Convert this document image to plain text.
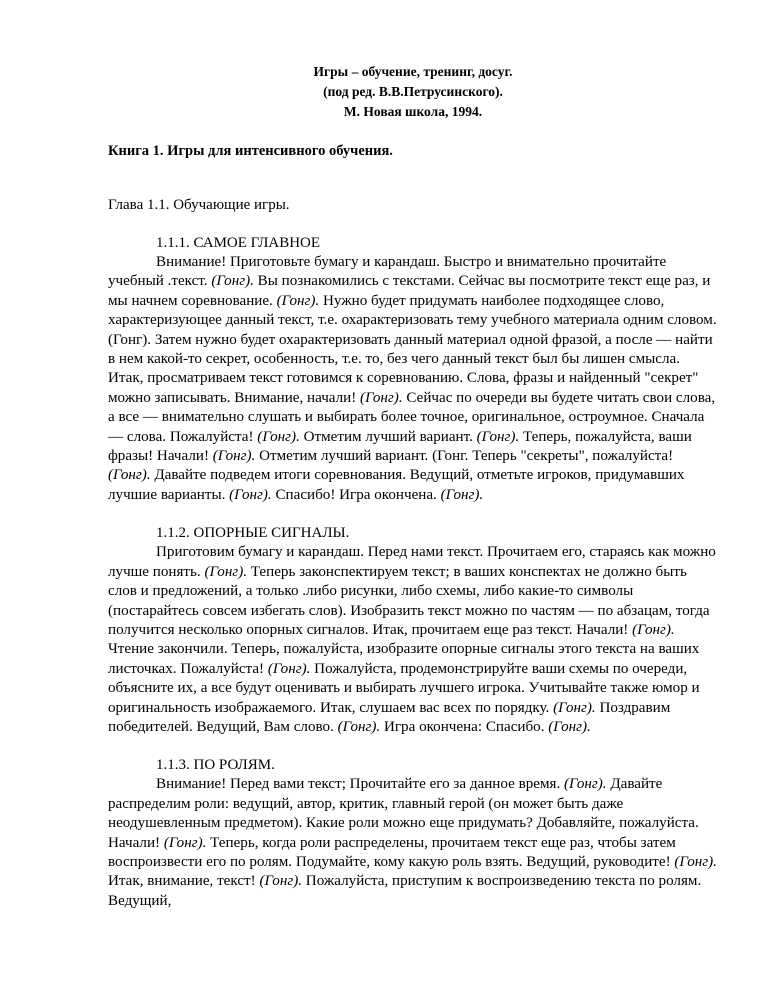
Игры – обучение, тренинг, досуг.
(под ред. В.В.Петрусинского).
М. Новая школа, 1994.
Книга 1. Игры для интенсивного обучения.
Глава 1.1. Обучающие игры.
1.1.1. САМОЕ ГЛАВНОЕ

Внимание! Приготовьте бумагу и карандаш. Быстро и внимательно прочитайте учебный .текст. (Гонг). Вы познакомились с текстами. Сейчас вы посмотрите текст еще раз, и мы начнем соревнование. (Гонг). Нужно будет придумать наиболее подходящее слово, характеризующее данный текст, т.е. охарактеризовать тему учебного материала одним словом. (Гонг). Затем нужно будет охарактеризовать данный материал одной фразой, а после — найти в нем какой-то секрет, особенность, т.е. то, без чего данный текст был бы лишен смысла. Итак, просматриваем текст готовимся к соревнованию. Слова, фразы и найденный "секрет" можно записывать. Внимание, начали! (Гонг). Сейчас по очереди вы будете читать свои слова, а все — внимательно слушать и выбирать более точное, оригинальное, остроумное. Сначала — слова. Пожалуйста! (Гонг). Отметим лучший вариант. (Гонг). Теперь, пожалуйста, ваши фразы! Начали! (Гонг). Отметим лучший вариант. (Гонг. Теперь "секреты", пожалуйста! (Гонг). Давайте подведем итоги соревнования. Ведущий, отметьте игроков, придумавших лучшие варианты. (Гонг). Спасибо! Игра окончена. (Гонг).

1.1.2. ОПОРНЫЕ СИГНАЛЫ.

Приготовим бумагу и карандаш. Перед нами текст. Прочитаем его, стараясь как можно лучше понять. (Гонг). Теперь законспектируем текст; в ваших конспектах не должно быть слов и предложений, а только .либо рисунки, либо схемы, либо какие-то символы (постарайтесь совсем избегать слов). Изобразить текст можно по частям — по абзацам, тогда получится несколько опорных сигналов. Итак, прочитаем еще раз текст. Начали! (Гонг). Чтение закончили. Теперь, пожалуйста, изобразите опорные сигналы этого текста на ваших листочках. Пожалуйста! (Гонг). Пожалуйста, продемонстрируйте ваши схемы по очереди, объясните их, а все будут оценивать и выбирать лучшего игрока. Учитывайте также юмор и оригинальность изображаемого. Итак, слушаем вас всех по порядку. (Гонг). Поздравим победителей. Ведущий, Вам слово. (Гонг). Игра окончена: Спасибо. (Гонг).

1.1.3. ПО РОЛЯМ.

Внимание! Перед вами текст; Прочитайте его за данное время. (Гонг). Давайте распределим роли: ведущий, автор, критик, главный герой (он может быть даже неодушевленным предметом). Какие роли можно еще придумать? Добавляйте, пожалуйста. Начали! (Гонг). Теперь, когда роли распределены, прочитаем текст еще раз, чтобы затем воспроизвести его по ролям. Подумайте, кому какую роль взять. Ведущий, руководите! (Гонг). Итак, внимание, текст! (Гонг). Пожалуйста, приступим к воспроизведению текста по ролям. Ведущий,
